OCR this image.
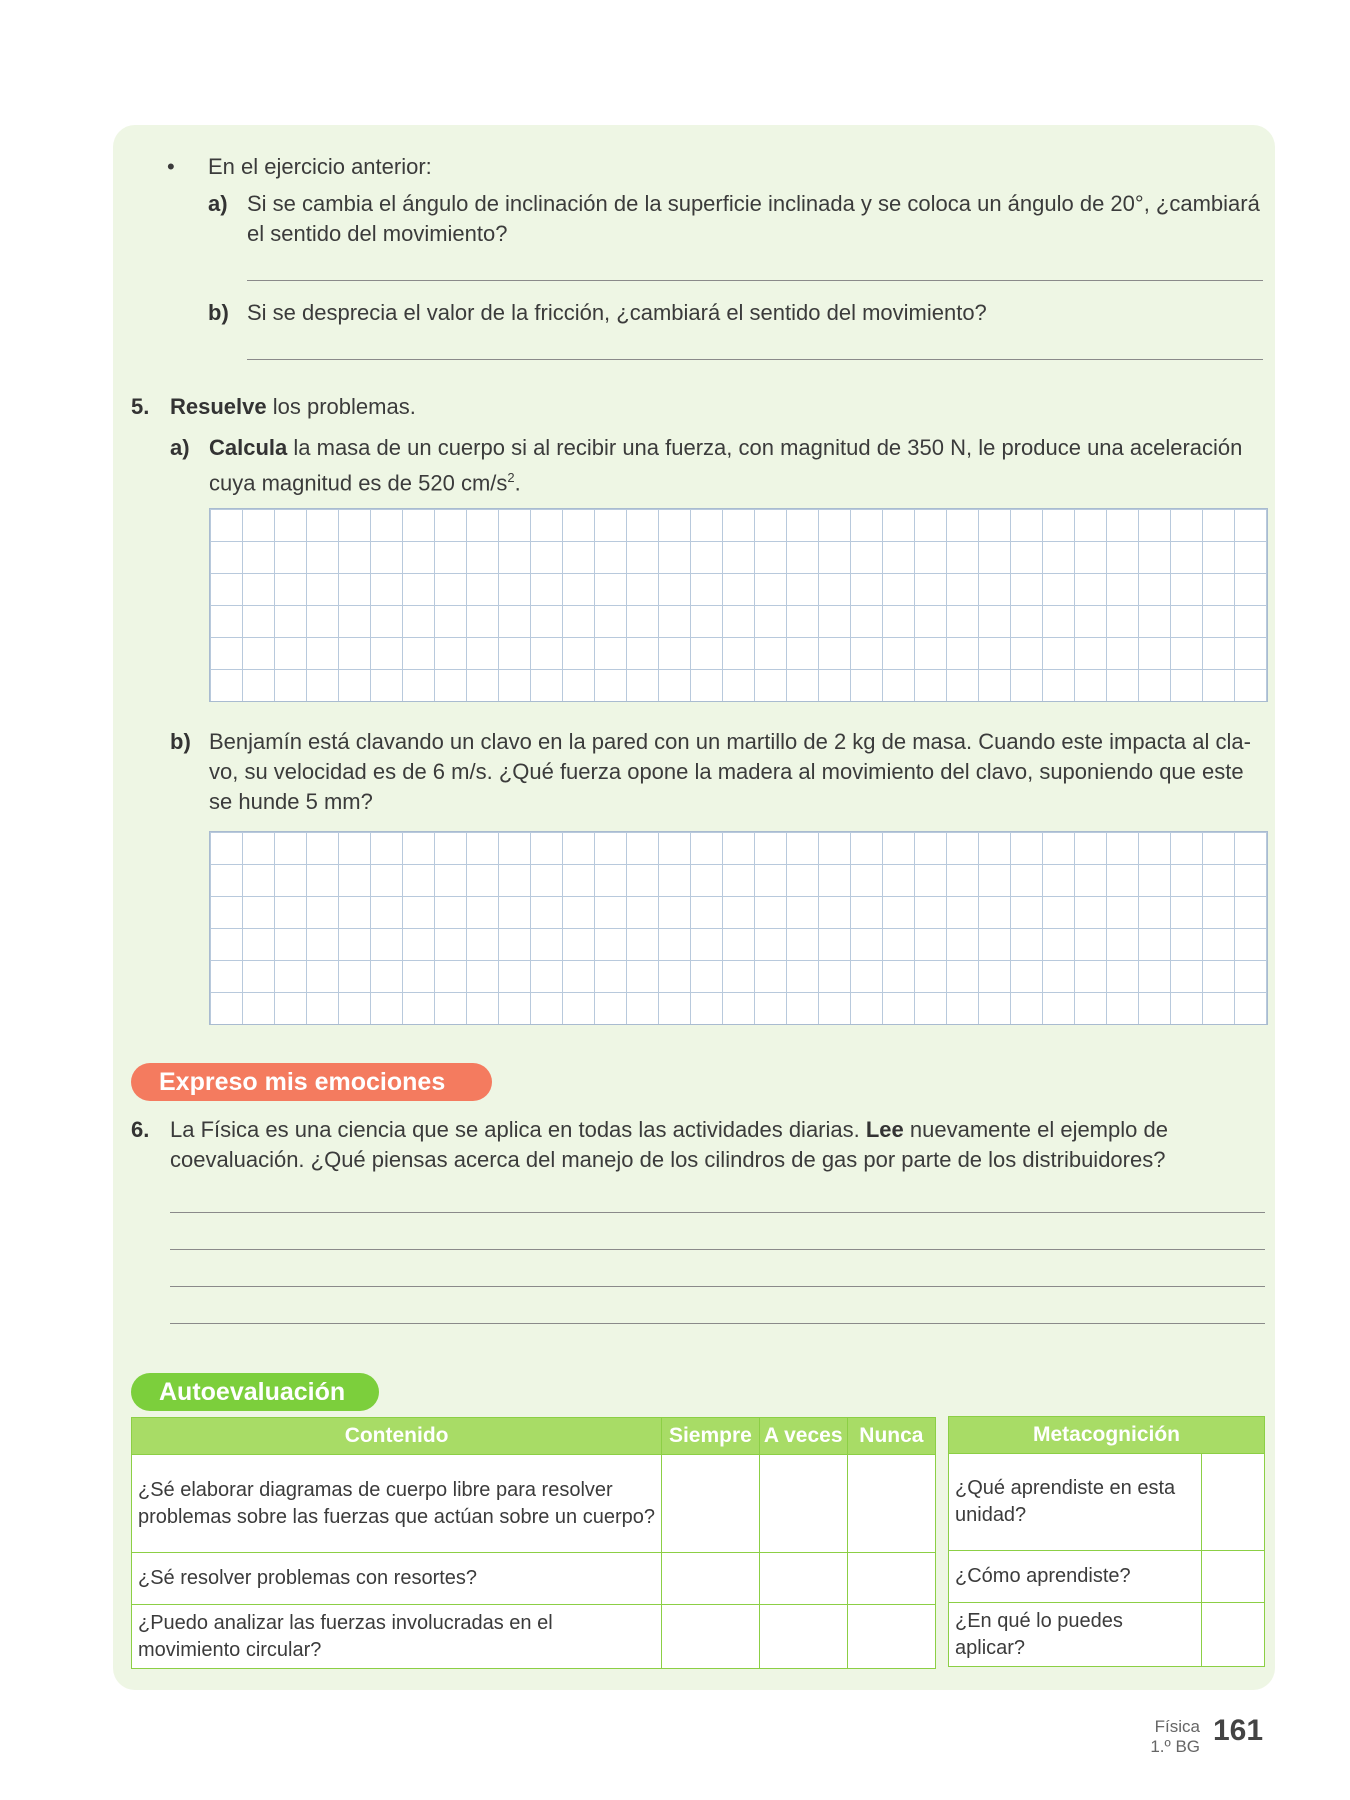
• En el ejercicio anterior:
a) Si se cambia el ángulo de inclinación de la superficie inclinada y se coloca un ángulo de 20°, ¿cambiará
el sentido del movimiento?
b) Si se desprecia el valor de la fricción, ¿cambiará el sentido del movimiento?
5. Resuelve los problemas.
a) Calcula la masa de un cuerpo si al recibir una fuerza, con magnitud de 350 N, le produce una aceleración
cuya magnitud es de 520 $cm/s^2$.
b) Benjamín está clavando un clavo en la pared con un martillo de 2 kg de masa. Cuando este impacta al cla-
vo, su velocidad es de 6 m/s. ¿Qué fuerza opone la madera al movimiento del clavo, suponiendo que este
se hunde 5 mm?
Expreso mis emociones
6. La Física es una ciencia que se aplica en todas las actividades diarias. Lee nuevamente el ejemplo de
coevaluación. ¿Qué piensas acerca del manejo de los cilindros de gas por parte de los distribuidores?
Autoevaluación
Contenido	Siempre	A veces	Nunca
¿Sé elaborar diagramas de cuerpo libre para resolver problemas sobre las fuerzas que actúan sobre un cuerpo?			
¿Sé resolver problemas con resortes?			
¿Puedo analizar las fuerzas involucradas en el movimiento circular?			
Metacognición	
¿Qué aprendiste en esta unidad?	
¿Cómo aprendiste?	
¿En qué lo puedes aplicar?	
Física
1.º BG 161
